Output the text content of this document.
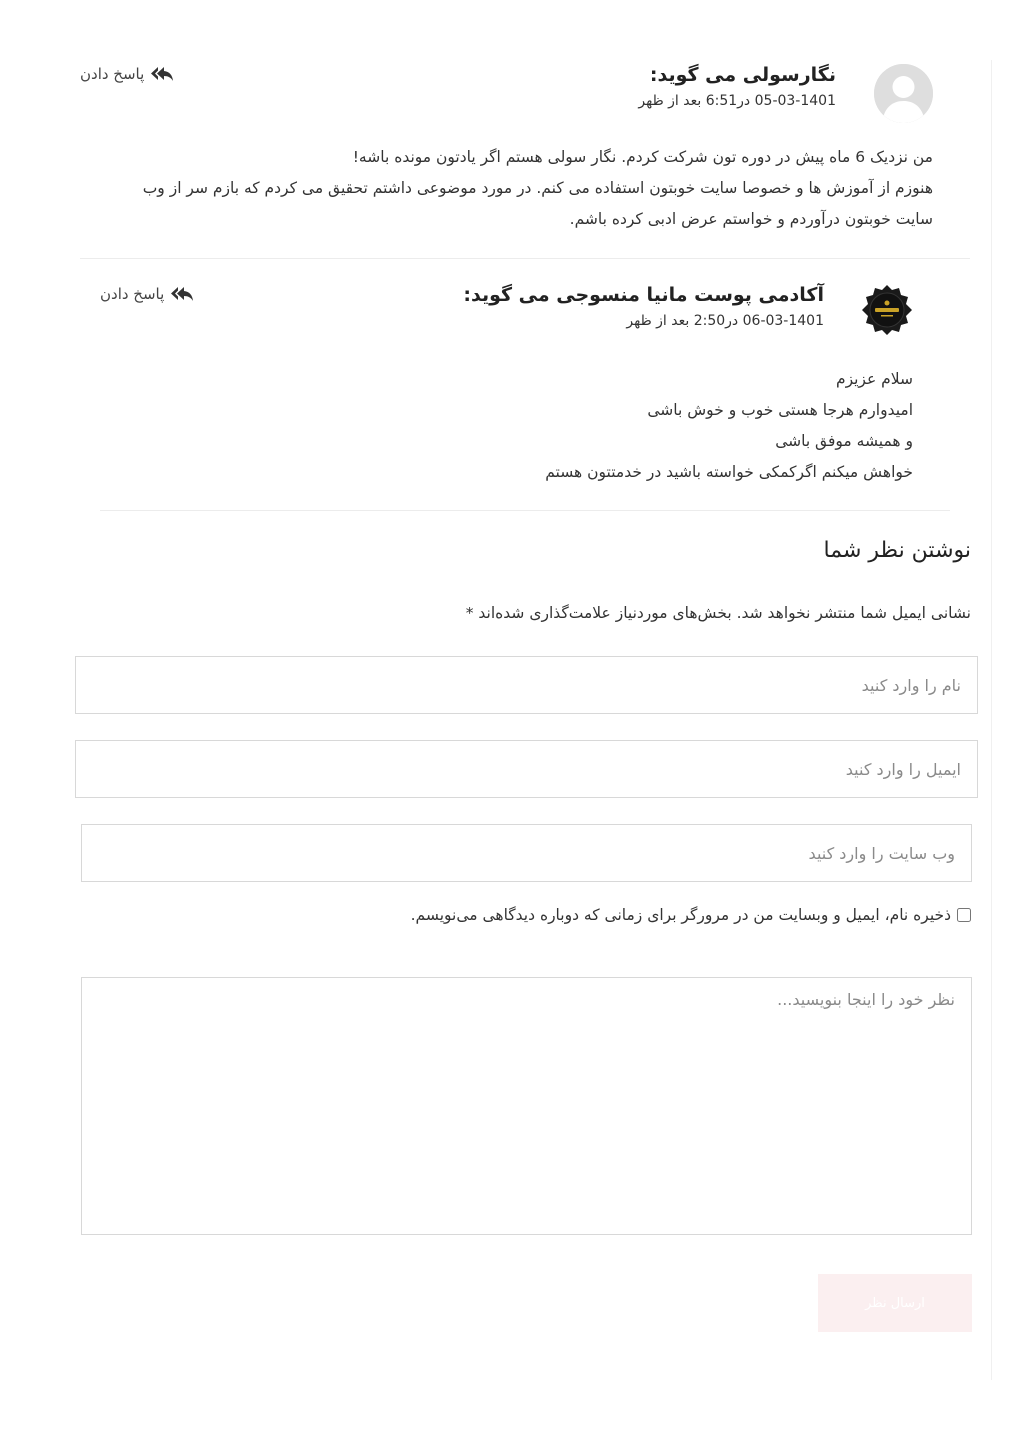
نگارسولی می گوید:
05-03-1401 در6:51 بعد از ظهر
پاسخ دادن

من نزدیک 6 ماه پیش در دوره تون شرکت کردم. نگار سولی هستم اگر یادتون مونده باشه!

هنوزم از آموزش ها و خصوصا سایت خوبتون استفاده می کنم. در مورد موضوعی داشتم تحقیق می کردم که بازم سر از وب

سایت خوبتون درآوردم و خواستم عرض ادبی کرده باشم.

آکادمی پوست مانیا منسوجی می گوید:
06-03-1401 در2:50 بعد از ظهر
پاسخ دادن

سلام عزیزم

امیدوارم هرجا هستی خوب و خوش باشی

و همیشه موفق باشی

خواهش میکنم اگرکمکی خواسته باشید در خدمتتون هستم

نوشتن نظر شما
نشانی ایمیل شما منتشر نخواهد شد. بخش‌های موردنیاز علامت‌گذاری شده‌اند *
نام را وارد کنید
ایمیل را وارد کنید
وب سایت را وارد کنید
ذخیره نام، ایمیل و وبسایت من در مرورگر برای زمانی که دوباره دیدگاهی می‌نویسم.
نظر خود را اینجا بنویسید...
ارسال نظر
